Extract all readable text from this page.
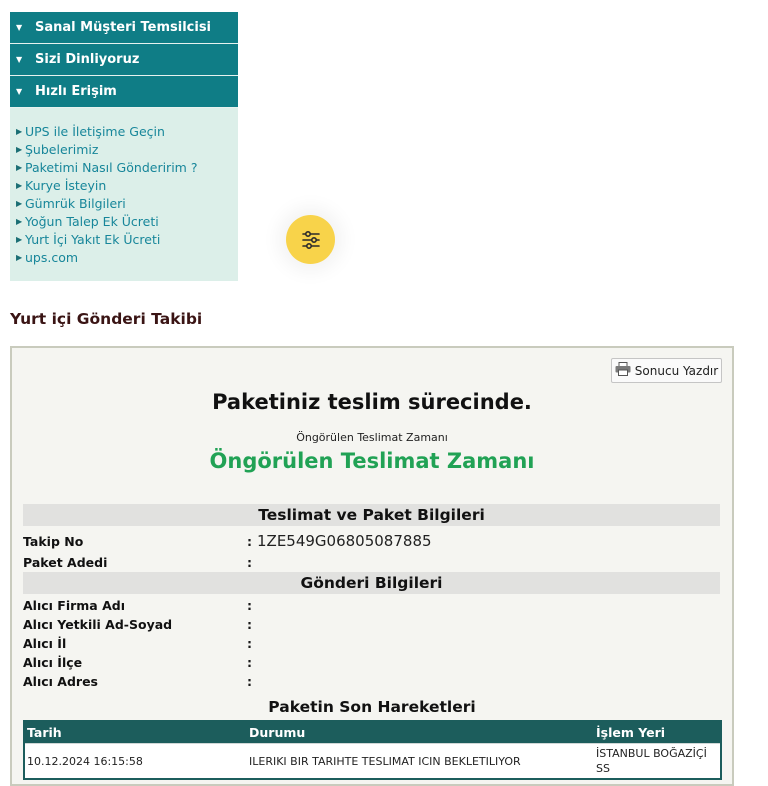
▼ Sanal Müşteri Temsilcisi
▼ Sizi Dinliyoruz
▼ Hızlı Erişim
▶ UPS ile İletişime Geçin
▶ Şubelerimiz
▶ Paketimi Nasıl Gönderirim ?
▶ Kurye İsteyin
▶ Gümrük Bilgileri
▶ Yoğun Talep Ek Ücreti
▶ Yurt İçi Yakıt Ek Ücreti
▶ ups.com
Yurt içi Gönderi Takibi
Sonucu Yazdır
Paketiniz teslim sürecinde.
Öngörülen Teslimat Zamanı
Öngörülen Teslimat Zamanı
Teslimat ve Paket Bilgileri
Takip No	: 1ZE549G06805087885
Paket Adedi	:
Gönderi Bilgileri
Alıcı Firma Adı	:
Alıcı Yetkili Ad-Soyad	:
Alıcı İl	:
Alıcı İlçe	:
Alıcı Adres	:
Paketin Son Hareketleri
Tarih	Durumu	İşlem Yeri
10.12.2024 16:15:58	ILERIKI BIR TARIHTE TESLIMAT ICIN BEKLETILIYOR	İSTANBUL BOĞAZİÇİ SS
